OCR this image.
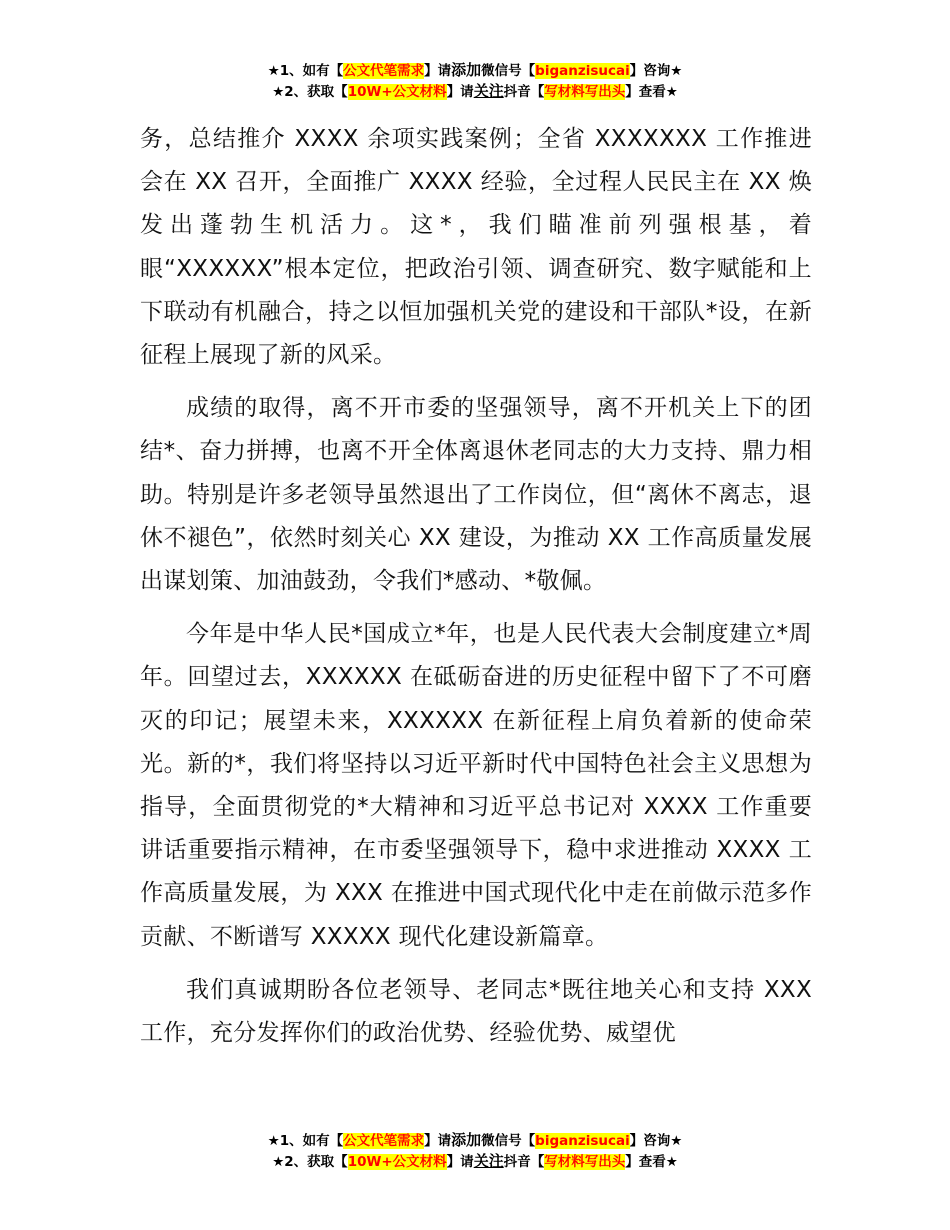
★1、如有【公文代笔需求】请添加微信号【biganzisucai】咨询★
★2、获取【10W+公文材料】请关注抖音【写材料写出头】查看★

务，总结推介 XXXX 余项实践案例；全省 XXXXXXX 工作推进会在 XX 召开，全面推广 XXXX 经验，全过程人民民主在 XX 焕发出蓬勃生机活力。这*，我们瞄准前列强根基，着眼“XXXXXX”根本定位，把政治引领、调查研究、数字赋能和上下联动有机融合，持之以恒加强机关党的建设和干部队*设，在新征程上展现了新的风采。

成绩的取得，离不开市委的坚强领导，离不开机关上下的团结*、奋力拼搏，也离不开全体离退休老同志的大力支持、鼎力相助。特别是许多老领导虽然退出了工作岗位，但“离休不离志，退休不褪色”，依然时刻关心 XX 建设，为推动 XX 工作高质量发展出谋划策、加油鼓劲，令我们*感动、*敬佩。

今年是中华人民*国成立*年，也是人民代表大会制度建立*周年。回望过去，XXXXXX 在砥砺奋进的历史征程中留下了不可磨灭的印记；展望未来，XXXXXX 在新征程上肩负着新的使命荣光。新的*，我们将坚持以习近平新时代中国特色社会主义思想为指导，全面贯彻党的*大精神和习近平总书记对 XXXX 工作重要讲话重要指示精神，在市委坚强领导下，稳中求进推动 XXXX 工作高质量发展，为 XXX 在推进中国式现代化中走在前做示范多作贡献、不断谱写 XXXXX 现代化建设新篇章。

我们真诚期盼各位老领导、老同志*既往地关心和支持 XXX 工作，充分发挥你们的政治优势、经验优势、威望优

★1、如有【公文代笔需求】请添加微信号【biganzisucai】咨询★
★2、获取【10W+公文材料】请关注抖音【写材料写出头】查看★
